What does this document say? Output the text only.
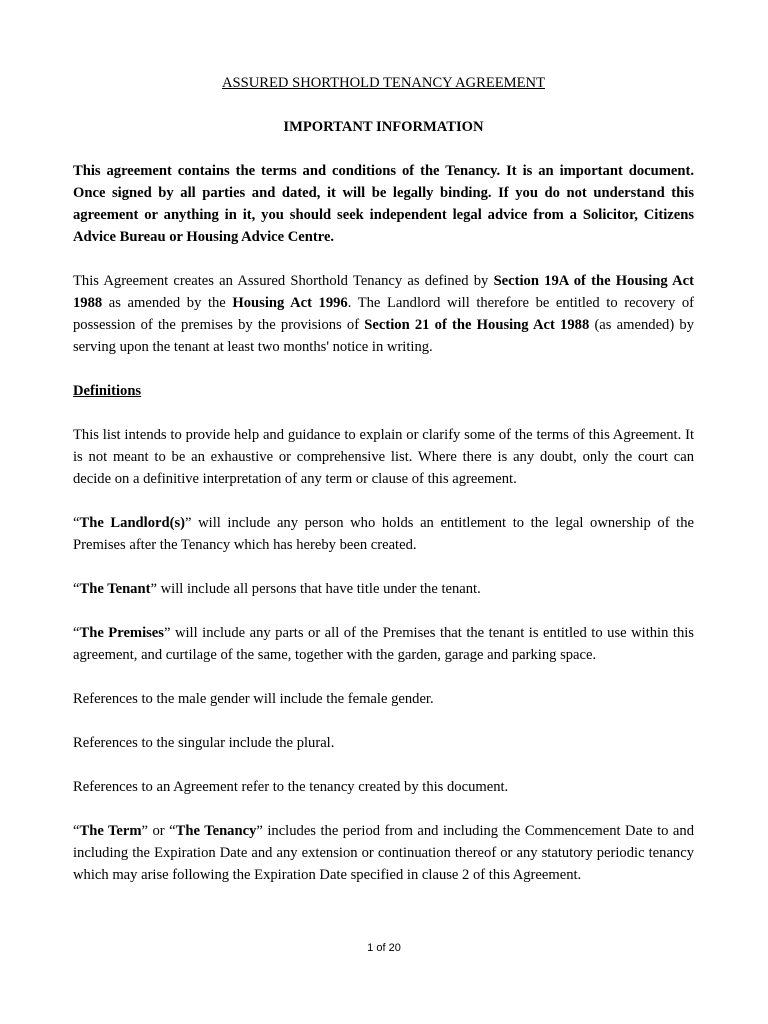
ASSURED SHORTHOLD TENANCY AGREEMENT
IMPORTANT INFORMATION

This agreement contains the terms and conditions of the Tenancy. It is an important document. Once signed by all parties and dated, it will be legally binding. If you do not understand this agreement or anything in it, you should seek independent legal advice from a Solicitor, Citizens Advice Bureau or Housing Advice Centre.

This Agreement creates an Assured Shorthold Tenancy as defined by Section 19A of the Housing Act 1988 as amended by the Housing Act 1996. The Landlord will therefore be entitled to recovery of possession of the premises by the provisions of Section 21 of the Housing Act 1988 (as amended) by serving upon the tenant at least two months' notice in writing.

Definitions

This list intends to provide help and guidance to explain or clarify some of the terms of this Agreement. It is not meant to be an exhaustive or comprehensive list. Where there is any doubt, only the court can decide on a definitive interpretation of any term or clause of this agreement.

“The Landlord(s)” will include any person who holds an entitlement to the legal ownership of the Premises after the Tenancy which has hereby been created.

“The Tenant” will include all persons that have title under the tenant.

“The Premises” will include any parts or all of the Premises that the tenant is entitled to use within this agreement, and curtilage of the same, together with the garden, garage and parking space.

References to the male gender will include the female gender.

References to the singular include the plural.

References to an Agreement refer to the tenancy created by this document.

“The Term” or “The Tenancy” includes the period from and including the Commencement Date to and including the Expiration Date and any extension or continuation thereof or any statutory periodic tenancy which may arise following the Expiration Date specified in clause 2 of this Agreement.

1 of 20
